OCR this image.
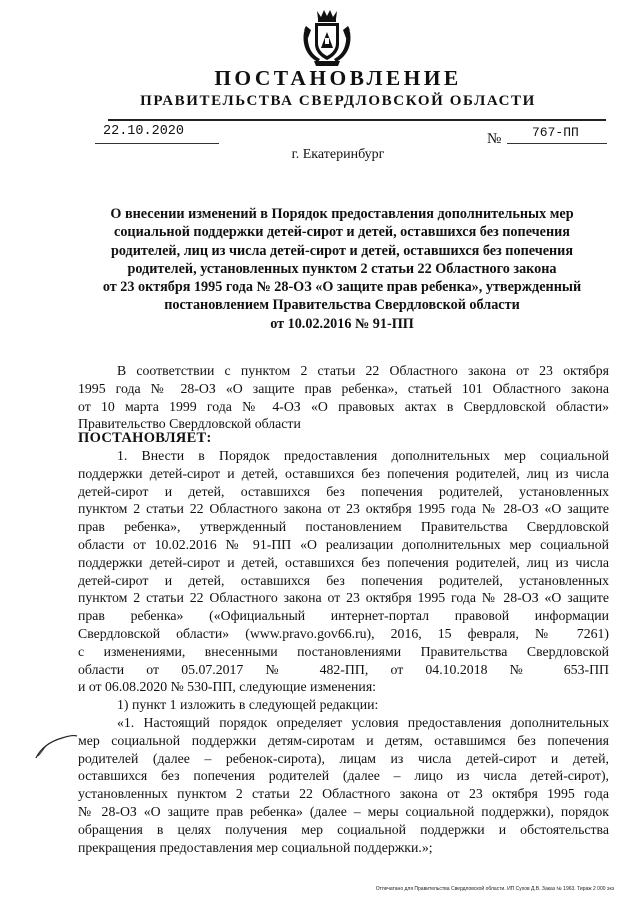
ПОСТАНОВЛЕНИЕ
ПРАВИТЕЛЬСТВА СВЕРДЛОВСКОЙ ОБЛАСТИ
22.10.2020	№ 767-ПП
г. Екатеринбург
О внесении изменений в Порядок предоставления дополнительных мер
социальной поддержки детей-сирот и детей, оставшихся без попечения
родителей, лиц из числа детей-сирот и детей, оставшихся без попечения
родителей, установленных пунктом 2 статьи 22 Областного закона
от 23 октября 1995 года № 28-ОЗ «О защите прав ребенка», утвержденный
постановлением Правительства Свердловской области
от 10.02.2016 № 91-ПП
В соответствии с пунктом 2 статьи 22 Областного закона от 23 октября
1995 года № 28-ОЗ «О защите прав ребенка», статьей 101 Областного закона
от 10 марта 1999 года № 4-ОЗ «О правовых актах в Свердловской области»
Правительство Свердловской области
ПОСТАНОВЛЯЕТ:
1. Внести в Порядок предоставления дополнительных мер социальной
поддержки детей-сирот и детей, оставшихся без попечения родителей, лиц из числа
детей-сирот и детей, оставшихся без попечения родителей, установленных
пунктом 2 статьи 22 Областного закона от 23 октября 1995 года № 28-ОЗ «О защите
прав ребенка», утвержденный постановлением Правительства Свердловской
области от 10.02.2016 № 91-ПП «О реализации дополнительных мер социальной
поддержки детей-сирот и детей, оставшихся без попечения родителей, лиц из числа
детей-сирот и детей, оставшихся без попечения родителей, установленных
пунктом 2 статьи 22 Областного закона от 23 октября 1995 года № 28-ОЗ «О защите
прав ребенка» («Официальный интернет-портал правовой информации
Свердловской области» (www.pravo.gov66.ru), 2016, 15 февраля, № 7261)
с изменениями, внесенными постановлениями Правительства Свердловской
области от 05.07.2017 № 482-ПП, от 04.10.2018 № 653-ПП
и от 06.08.2020 № 530-ПП, следующие изменения:
1) пункт 1 изложить в следующей редакции:
«1. Настоящий порядок определяет условия предоставления дополнительных
мер социальной поддержки детям-сиротам и детям, оставшимся без попечения
родителей (далее – ребенок-сирота), лицам из числа детей-сирот и детей,
оставшихся без попечения родителей (далее – лицо из числа детей-сирот),
установленных пунктом 2 статьи 22 Областного закона от 23 октября 1995 года
№ 28-ОЗ «О защите прав ребенка» (далее – меры социальной поддержки), порядок
обращения в целях получения мер социальной поддержки и обстоятельства
прекращения предоставления мер социальной поддержки.»;
Отпечатано для Правительства Свердловской области. ИП Сухов Д.В. Заказ № 1963. Тираж 2 000 экз
